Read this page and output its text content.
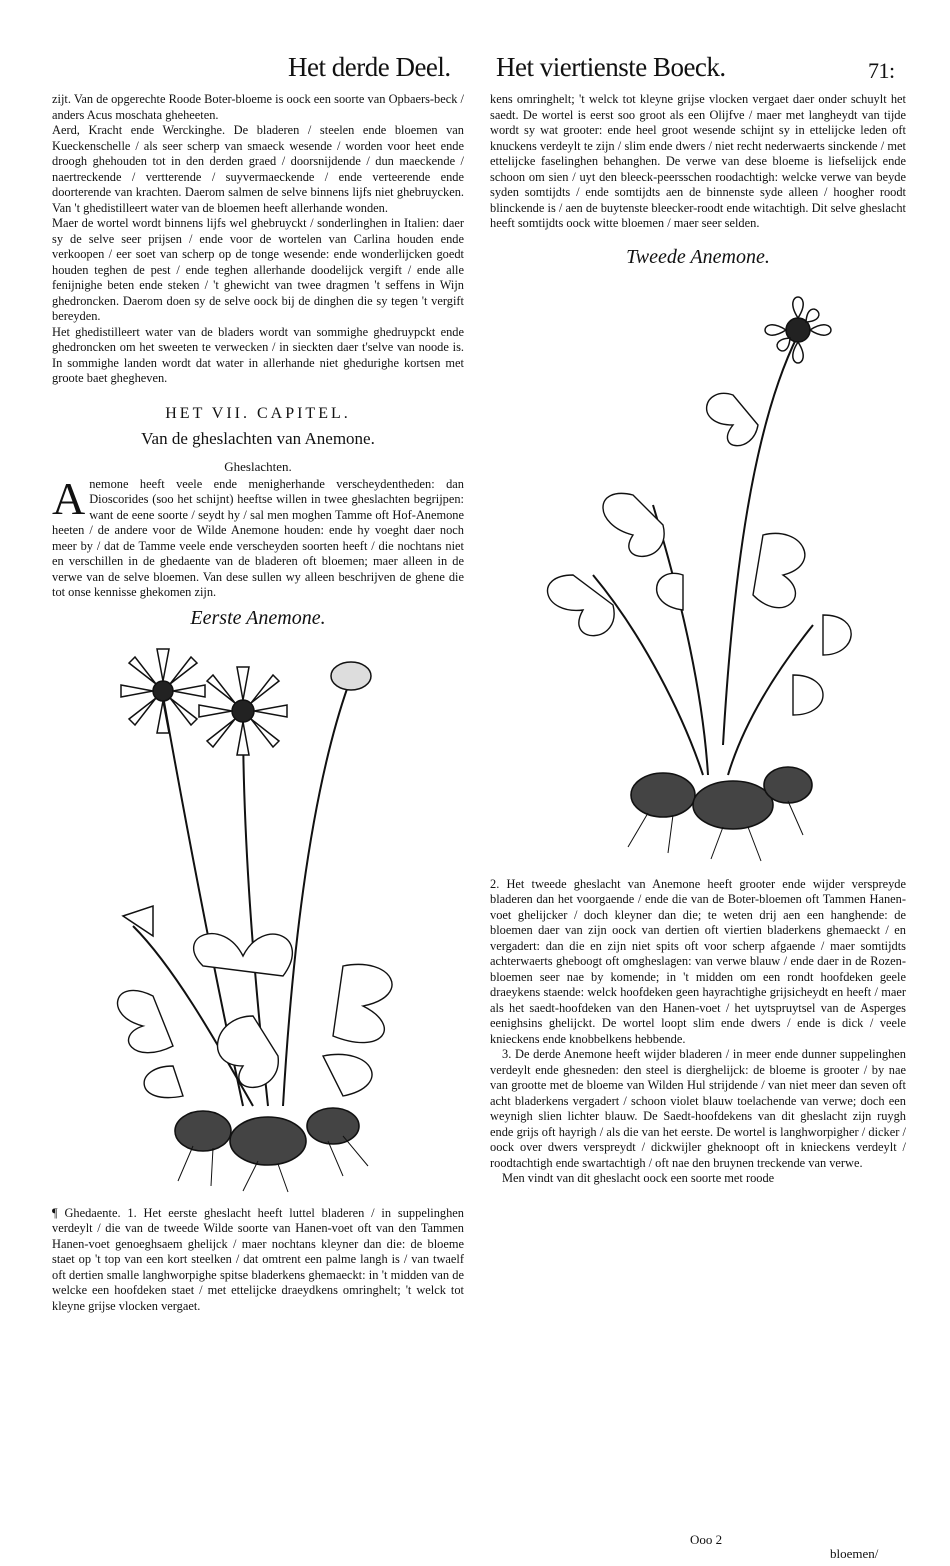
Het derde Deel. Het viertienste Boeck.	71:

zijt. Van de opgerechte Roode Boter-bloeme is oock een soorte van Opbaers-beck / anders Acus moschata gheheeten.

Aerd, Kracht ende Werckinghe. De bladeren / steelen ende bloemen van Kueckenschelle / als seer scherp van smaeck wesende / worden voor heet ende droogh ghehouden tot in den derden graed / doorsnijdende / dun maeckende / naertreckende / vertterende / suyvermaeckende / ende verteerende ende doorterende van krachten. Daerom salmen de selve binnens lijfs niet ghebruycken. Van 't ghedistilleert water van de bloemen heeft allerhande wonden.

Maer de wortel wordt binnens lijfs wel ghebruyckt / sonderlinghen in Italien: daer sy de selve seer prijsen / ende voor de wortelen van Carlina houden ende verkoopen / eer soet van scherp op de tonge wesende: ende wonderlijcken goedt houden teghen de pest / ende teghen allerhande doodelijck vergift / ende alle fenijnighe beten ende steken / 't ghewicht van twee dragmen 't seffens in Wijn ghedroncken. Daerom doen sy de selve oock bij de dinghen die sy tegen 't vergift bereyden.

Het ghedistilleert water van de bladers wordt van sommighe ghedruypckt ende ghedroncken om het sweeten te verwecken / in sieckten daer t'selve van noode is. In sommighe landen wordt dat water in allerhande niet ghedurighe kortsen met groote baet ghegheven.

HET VII. CAPITEL.
Van de gheslachten van Anemone.
Gheslachten.
A nemone heeft veele ende menigherhande verscheydentheden: dan Dioscorides (soo het schijnt) heeftse willen in twee gheslachten begrijpen: want de eene soorte / seydt hy / sal men moghen Tamme oft Hof-Anemone heeten / de andere voor de Wilde Anemone houden: ende hy voeght daer noch meer by / dat de Tamme veele ende verscheyden soorten heeft / die nochtans niet en verschillen in de ghedaente van de bladeren oft bloemen; maer alleen in de verwe van de selve bloemen. Van dese sullen wy alleen beschrijven de ghene die tot onse kennisse ghekomen zijn.
Eerste Anemone.
¶ Ghedaente. 1. Het eerste gheslacht heeft luttel bladeren / in suppelinghen verdeylt / die van de tweede Wilde soorte van Hanen-voet oft van den Tammen Hanen-voet genoeghsaem ghelijck / maer nochtans kleyner dan die: de bloeme staet op 't top van een kort steelken / dat omtrent een palme langh is / van twaelf oft dertien smalle langhworpighe spitse bladerkens ghemaeckt: in 't midden van de welcke een hoofdeken staet / met ettelijcke draeydkens omringhelt; 't welck tot kleyne grijse vlocken vergaet.
kens omringhelt; 't welck tot kleyne grijse vlocken vergaet daer onder schuylt het saedt. De wortel is eerst soo groot als een Olijfve / maer met langheydt van tijde wordt sy wat grooter: ende heel groot wesende schijnt sy in ettelijcke leden oft knuckens verdeylt te zijn / slim ende dwers / niet recht nederwaerts sinckende / met ettelijcke faselinghen behanghen. De verwe van dese bloeme is liefselijck ende schoon om sien / uyt den bleeck-peersschen roodachtigh: welcke verwe van beyde syden somtijdts / ende somtijdts aen de binnenste syde alleen / hoogher roodt blinckende is / aen de buytenste bleecker-roodt ende witachtigh. Dit selve gheslacht heeft somtijdts oock witte bloemen / maer seer selden.
Tweede Anemone.
2. Het tweede gheslacht van Anemone heeft grooter ende wijder verspreyde bladeren dan het voorgaende / ende die van de Boter-bloemen oft Tammen Hanen-voet ghelijcker / doch kleyner dan die; te weten drij aen een hanghende: de bloemen daer van zijn oock van dertien oft viertien bladerkens ghemaeckt / en vergadert: dan die en zijn niet spits oft voor scherp afgaende / maer somtijdts achterwaerts gheboogt oft omgheslagen: van verwe blauw / ende daer in de Rozen-bloemen seer nae by komende; in 't midden om een rondt hoofdeken geele draeykens staende: welck hoofdeken geen hayrachtighe grijsicheydt en heeft / maer als het saedt-hoofdeken van den Hanen-voet / het uytspruytsel van de Asperges eenighsins ghelijckt. De wortel loopt slim ende dwers / ende is dick / veele knieckens ende knobbelkens hebbende.
3. De derde Anemone heeft wijder bladeren / in meer ende dunner suppelinghen verdeylt ende ghesneden: den steel is dierghelijck: de bloeme is grooter / by nae van grootte met de bloeme van Wilden Hul strijdende / van niet meer dan seven oft acht bladerkens vergadert / schoon violet blauw toelachende van verwe; doch een weynigh slien lichter blauw. De Saedt-hoofdekens van dit gheslacht zijn ruygh ende grijs oft hayrigh / als die van het eerste. De wortel is langhworpigher / dicker / oock over dwers verspreydt / dickwijler gheknoopt oft in knieckens verdeylt / roodtachtigh ende swartachtigh / oft nae den bruynen treckende van verwe.
Men vindt van dit gheslacht oock een soorte met roode
Ooo 2
bloemen/
